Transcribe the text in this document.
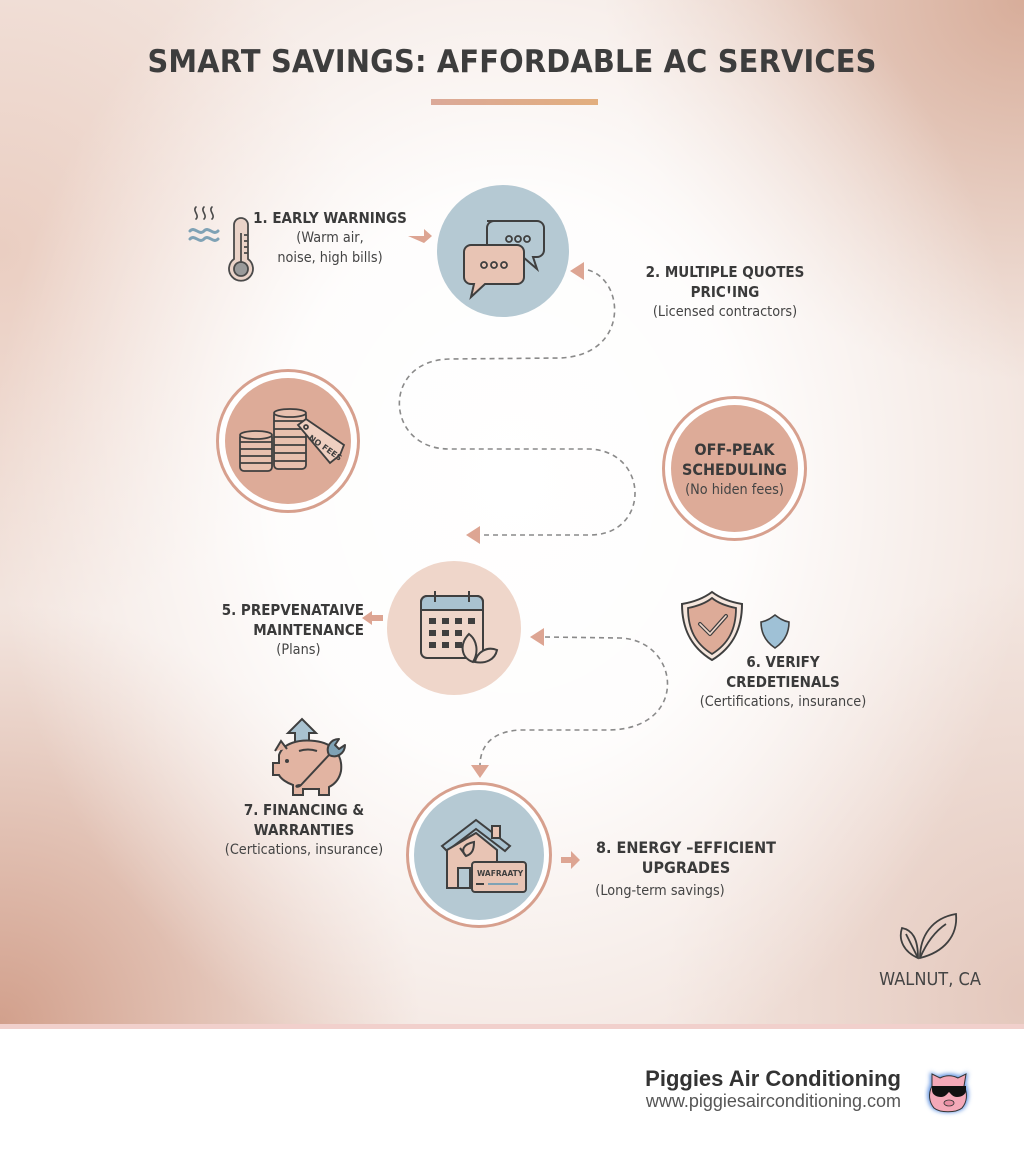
SMART SAVINGS: AFFORDABLE AC SERVICES
1. EARLY WARNINGS
(Warm air,
noise, high bills)
2. MULTIPLE QUOTES
PRICꞋING
(Licensed contractors)
NO FEES	OFF-PEAK
SCHEDULING
(No hiden fees)
5. PREPVENATAIVE
MAINTENANCE
(Plans)
6. VERIFY CREDETIENALS
(Certifications, insurance)
7. FINANCING & WARRANTIES
(Certications, insurance)
WAFRAATY
8. ENERGY –EFFICIENT
UPGRADES
(Long-term savings)
WALNUT, CA
Piggies Air Conditioning
www.piggiesairconditioning.com
